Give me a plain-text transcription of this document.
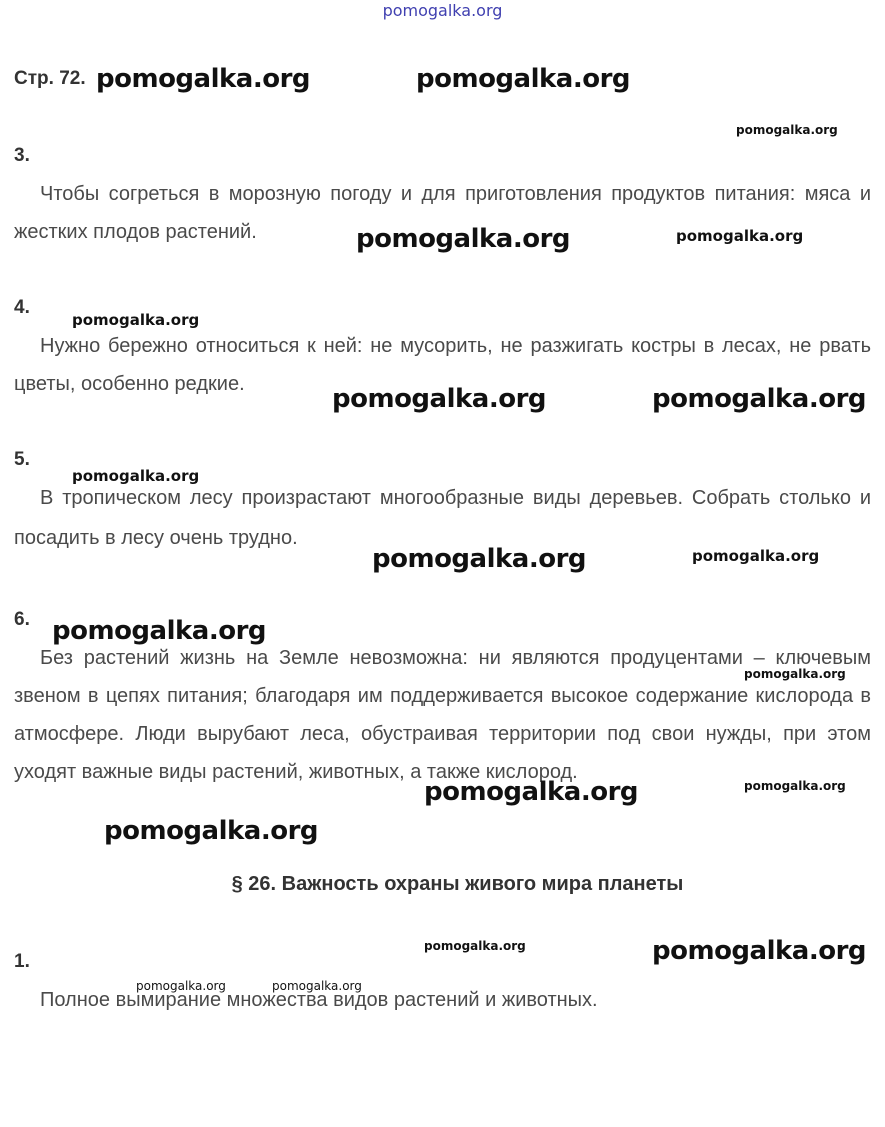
pomogalka.org
Стр. 72.
3.
Чтобы согреться в морозную погоду и для приготовления продуктов питания: мяса и жестких плодов растений.
4.
Нужно бережно относиться к ней: не мусорить, не разжигать костры в лесах, не рвать цветы, особенно редкие.
5.
В тропическом лесу произрастают многообразные виды деревьев. Собрать столько и посадить в лесу очень трудно.
6.
Без растений жизнь на Земле невозможна: ни являются продуцентами – ключевым звеном в цепях питания; благодаря им поддерживается высокое содержание кислорода в атмосфере. Люди вырубают леса, обустраивая территории под свои нужды, при этом уходят важные виды растений, животных, а также кислород.
§ 26. Важность охраны живого мира планеты
1.
Полное вымирание множества видов растений и животных.
pomogalka.org	pomogalka.org
pomogalka.org
pomogalka.org	pomogalka.org
pomogalka.org
pomogalka.org	pomogalka.org
pomogalka.org
pomogalka.org	pomogalka.org
pomogalka.org
pomogalka.org
pomogalka.org
pomogalka.org
pomogalka.org
pomogalka.org	pomogalka.org
pomogalka.org	pomogalka.org
